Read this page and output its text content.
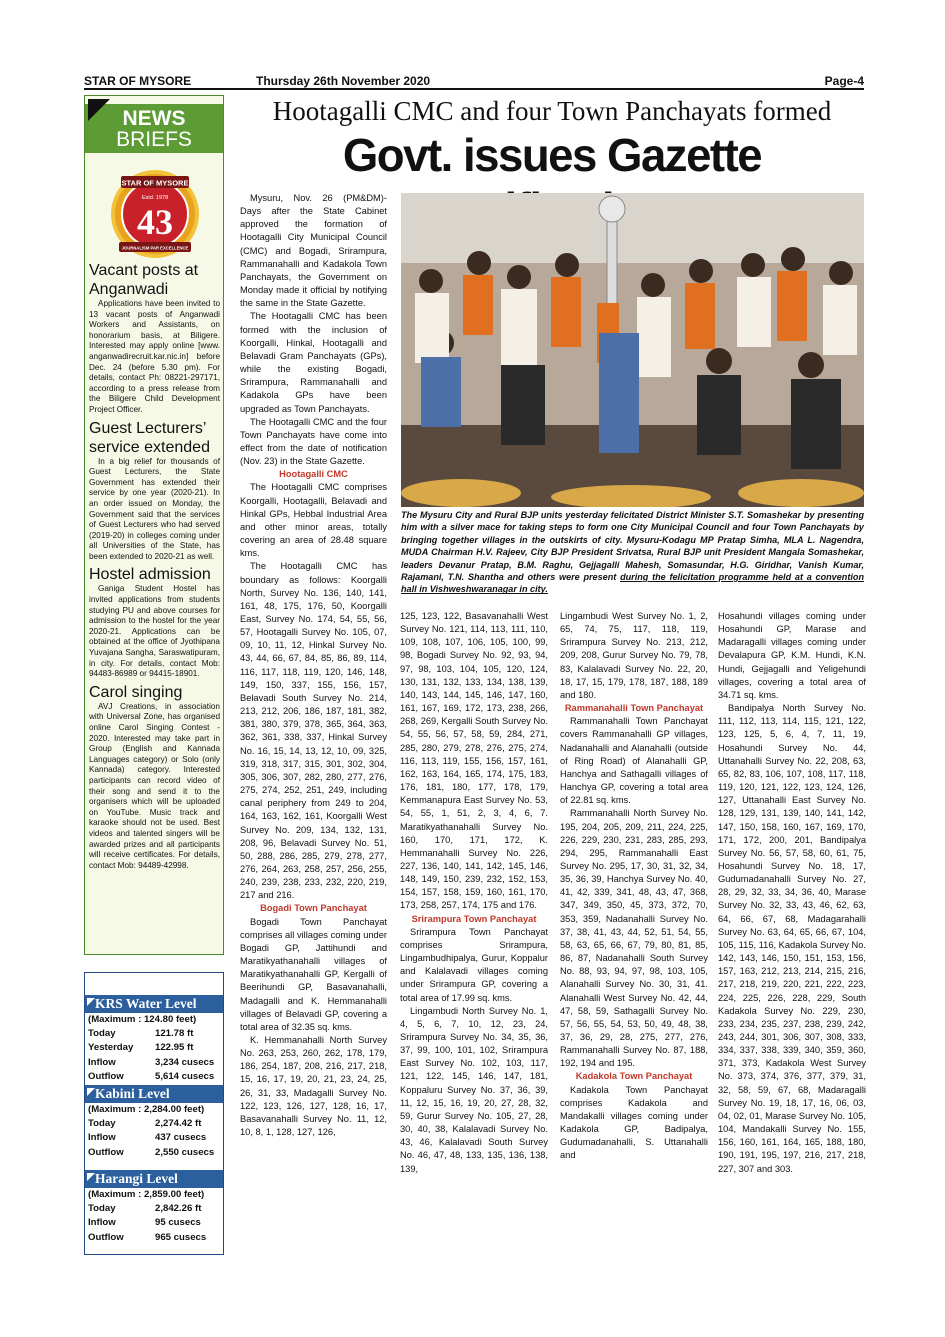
STAR OF MYSORE	Thursday 26th November 2020	Page-4
NEWS
BRIEFS
STAR OF MYSORE
Estd. 1978
43
JOURNALISM PAR EXCELLENCE
Vacant posts at Anganwadi

Applications have been invited to 13 vacant posts of Anganwadi Workers and Assistants, on honorarium basis, at Biligere. Interested may apply online [www. anganwadirecruit.kar.nic.in] before Dec. 24 (before 5.30 pm). For details, contact Ph: 08221-297171, according to a press release from the Biligere Child Development Project Officer.

Guest Lecturers’ service extended

In a big relief for thousands of Guest Lecturers, the State Government has extended their service by one year (2020-21). In an order issued on Monday, the Government said that the services of Guest Lecturers who had served (2019-20) in colleges coming under all Universities of the State, has been extended to 2020-21 as well.

Hostel admission

Ganiga Student Hostel has invited applications from students studying PU and above courses for admission to the hostel for the year 2020-21. Applications can be obtained at the office of Jyothipana Yuvajana Sangha, Saraswatipuram, in city. For details, contact Mob: 94483-86989 or 94415-18901.

Carol singing

AVJ Creations, in association with Universal Zone, has organised online Carol Singing Contest - 2020. Interested may take part in Group (English and Kannada Languages category) or Solo (only Kannada) category. Interested participants can record video of their song and send it to the organisers which will be uploaded on YouTube. Music track and karaoke should not be used. Best videos and talented singers will be awarded prizes and all participants will receive certificates. For details, contact Mob: 94489-42998.

KRS Water Level
(Maximum : 124.80 feet)
Today	121.78 ft
Yesterday 122.95 ft
Inflow	3,234 cusecs
Outflow	5,614 cusecs
Kabini Level
(Maximum : 2,284.00 feet)
Today	2,274.42 ft
Inflow	437 cusecs
Outflow	2,550 cusecs
Harangi Level
(Maximum : 2,859.00 feet)
Today	2,842.26 ft
Inflow	95 cusecs
Outflow	965 cusecs
Hootagalli CMC and four Town Panchayats formed
Govt. issues Gazette
The Mysuru City and Rural BJP units yesterday felicitated District Minister S.T. Somashekar by presenting him with a silver mace for taking steps to form one City Municipal Council and four Town Panchayats by bringing together villages in the outskirts of city. Mysuru-Kodagu MP Pratap Simha, MLA L. Nagendra, MUDA Chairman H.V. Rajeev, City BJP President Srivatsa, Rural BJP unit President Mangala Somashekar, leaders Devanur Pratap, B.M. Raghu, Gejjagalli Mahesh, Somasundar, H.G. Giridhar, Vanish Kumar, Rajamani, T.N. Shantha and others were present during the felicitation programme held at a convention hall in Vishweshwaranagar in city.

Mysuru, Nov. 26 (PM&DM)- Days after the State Cabinet approved the formation of Hootagalli City Municipal Council (CMC) and Bogadi, Srirampura, Rammanahalli and Kadakola Town Panchayats, the Government on Monday made it official by notifying the same in the State Gazette.

The Hootagalli CMC has been formed with the inclusion of Koorgalli, Hinkal, Hootagalli and Belavadi Gram Panchayats (GPs), while the existing Bogadi, Srirampura, Rammanahalli and Kadakola GPs have been upgraded as Town Panchayats.

The Hootagalli CMC and the four Town Panchayats have come into effect from the date of notification (Nov. 23) in the State Gazette.

Hootagalli CMC

The Hootagalli CMC comprises Koorgalli, Hootagalli, Belavadi and Hinkal GPs, Hebbal Industrial Area and other minor areas, totally covering an area of 28.48 square kms.

The Hootagalli CMC has boundary as follows: Koorgalli North, Survey No. 136, 140, 141, 161, 48, 175, 176, 50, Koorgalli East, Survey No. 174, 54, 55, 56, 57, Hootagalli Survey No. 105, 07, 09, 10, 11, 12, Hinkal Survey No. 43, 44, 66, 67, 84, 85, 86, 89, 114, 116, 117, 118, 119, 120, 146, 148, 149, 150, 337, 155, 156, 157, Belavadi South Survey No. 214, 213, 212, 206, 186, 187, 181, 382, 381, 380, 379, 378, 365, 364, 363, 362, 361, 338, 337, Hinkal Survey No. 16, 15, 14, 13, 12, 10, 09, 325, 319, 318, 317, 315, 301, 302, 304, 305, 306, 307, 282, 280, 277, 276, 275, 274, 252, 251, 249, including canal periphery from 249 to 204, 164, 163, 162, 161, Koorgalli West Survey No. 209, 134, 132, 131, 208, 96, Belavadi Survey No. 51, 50, 288, 286, 285, 279, 278, 277, 276, 264, 263, 258, 257, 256, 255, 240, 239, 238, 233, 232, 220, 219, 217 and 216.

Bogadi Town Panchayat

Bogadi Town Panchayat comprises all villages coming under Bogadi GP, Jattihundi and Maratikyathanahalli villages of Maratikyathanahalli GP, Kergalli of Beerihundi GP, Basavanahalli, Madagalli and K. Hemmanahalli villages of Belavadi GP, covering a total area of 32.35 sq. kms.

K. Hemmanahalli North Survey No. 263, 253, 260, 262, 178, 179, 186, 254, 187, 208, 216, 217, 218, 15, 16, 17, 19, 20, 21, 23, 24, 25, 26, 31, 33, Madagalli Survey No. 122, 123, 126, 127, 128, 16, 17, Basavanahalli Survey No. 11, 12, 10, 8, 1, 128, 127, 126,

125, 123, 122, Basavanahalli West Survey No. 121, 114, 113, 111, 110, 109, 108, 107, 106, 105, 100, 99, 98, Bogadi Survey No. 92, 93, 94, 97, 98, 103, 104, 105, 120, 124, 130, 131, 132, 133, 134, 138, 139, 140, 143, 144, 145, 146, 147, 160, 161, 167, 169, 172, 173, 238, 266, 268, 269, Kergalli South Survey No. 54, 55, 56, 57, 58, 59, 284, 271, 285, 280, 279, 278, 276, 275, 274, 116, 113, 119, 155, 156, 157, 161, 162, 163, 164, 165, 174, 175, 183, 176, 181, 180, 177, 178, 179, Kemmanapura East Survey No. 53, 54, 55, 1, 51, 2, 3, 4, 6, 7. Maratikyathanahalli Survey No. 160, 170, 171, 172, K. Hemmanahalli Survey No. 226, 227, 136, 140, 141, 142, 145, 146, 148, 149, 150, 239, 232, 152, 153, 154, 157, 158, 159, 160, 161, 170, 173, 258, 257, 174, 175 and 176.

Srirampura Town Panchayat

Srirampura Town Panchayat comprises Srirampura, Lingambudhipalya, Gurur, Koppalur and Kalalavadi villages coming under Srirampura GP, covering a total area of 17.99 sq. kms.

Lingambudi North Survey No. 1, 4, 5, 6, 7, 10, 12, 23, 24, Srirampura Survey No. 34, 35, 36, 37, 99, 100, 101, 102, Srirampura East Survey No. 102, 103, 117, 121, 122, 145, 146, 147, 181, Koppaluru Survey No. 37, 36, 39, 11, 12, 15, 16, 19, 20, 27, 28, 32, 59, Gurur Survey No. 105, 27, 28, 30, 40, 38, Kalalavadi Survey No. 43, 46, Kalalavadi South Survey No. 46, 47, 48, 133, 135, 136, 138, 139,

Lingambudi West Survey No. 1, 2, 65, 74, 75, 117, 118, 119, Srirampura Survey No. 213, 212, 209, 208, Gurur Survey No. 79, 78, 83, Kalalavadi Survey No. 22, 20, 18, 17, 15, 179, 178, 187, 188, 189 and 180.

Rammanahalli Town Panchayat

Rammanahalli Town Panchayat covers Rammanahalli GP villages, Nadanahalli and Alanahalli (outside of Ring Road) of Alanahalli GP, Hanchya and Sathagalli villages of Hanchya GP, covering a total area of 22.81 sq. kms.

Rammanahalli North Survey No. 195, 204, 205, 209, 211, 224, 225, 226, 229, 230, 231, 283, 285, 293, 294, 295, Rammanahalli East Survey No. 295, 17, 30, 31, 32, 34, 35, 36, 39, Hanchya Survey No. 40, 41, 42, 339, 341, 48, 43, 47, 368, 347, 349, 350, 45, 373, 372, 70, 353, 359, Nadanahalli Survey No. 37, 38, 41, 43, 44, 52, 51, 54, 55, 58, 63, 65, 66, 67, 79, 80, 81, 85, 86, 87, Nadanahalli South Survey No. 88, 93, 94, 97, 98, 103, 105, Alanahalli Survey No. 30, 31, 41. Alanahalli West Survey No. 42, 44, 47, 58, 59, Sathagalli Survey No. 57, 56, 55, 54, 53, 50, 49, 48, 38, 37, 36, 29, 28, 275, 277, 276, Rammanahalli Survey No. 87, 188, 192, 194 and 195.

Kadakola Town Panchayat

Kadakola Town Panchayat comprises Kadakola and Mandakalli villages coming under Kadakola GP, Badipalya, Gudumadanahalli, S. Uttanahalli and

Hosahundi villages coming under Hosahundi GP, Marase and Madaragalli villages coming under Devalapura GP, K.M. Hundi, K.N. Hundi, Gejjagalli and Yeligehundi villages, covering a total area of 34.71 sq. kms.

Bandipalya North Survey No. 111, 112, 113, 114, 115, 121, 122, 123, 125, 5, 6, 4, 7, 11, 19, Hosahundi Survey No. 44, Uttanahalli Survey No. 22, 208, 63, 65, 82, 83, 106, 107, 108, 117, 118, 119, 120, 121, 122, 123, 124, 126, 127, Uttanahalli East Survey No. 128, 129, 131, 139, 140, 141, 142, 147, 150, 158, 160, 167, 169, 170, 171, 172, 200, 201, Bandipalya Survey No. 56, 57, 58, 60, 61, 75, Hosahundi Survey No. 18, 17, Gudumadanahalli Survey No. 27, 28, 29, 32, 33, 34, 36, 40, Marase Survey No. 32, 33, 43, 46, 62, 63, 64, 66, 67, 68, Madagarahalli Survey No. 63, 64, 65, 66, 67, 104, 105, 115, 116, Kadakola Survey No. 142, 143, 146, 150, 151, 153, 156, 157, 163, 212, 213, 214, 215, 216, 217, 218, 219, 220, 221, 222, 223, 224, 225, 226, 228, 229, South Kadakola Survey No. 229, 230, 233, 234, 235, 237, 238, 239, 242, 243, 244, 301, 306, 307, 308, 333, 334, 337, 338, 339, 340, 359, 360, 371, 373, Kadakola West Survey No. 373, 374, 376, 377, 379, 31, 32, 58, 59, 67, 68, Madaragalli Survey No. 19, 18, 17, 16, 06, 03, 04, 02, 01, Marase Survey No. 105, 104, Mandakalli Survey No. 155, 156, 160, 161, 164, 165, 188, 180, 190, 191, 195, 197, 216, 217, 218, 227, 307 and 303.
